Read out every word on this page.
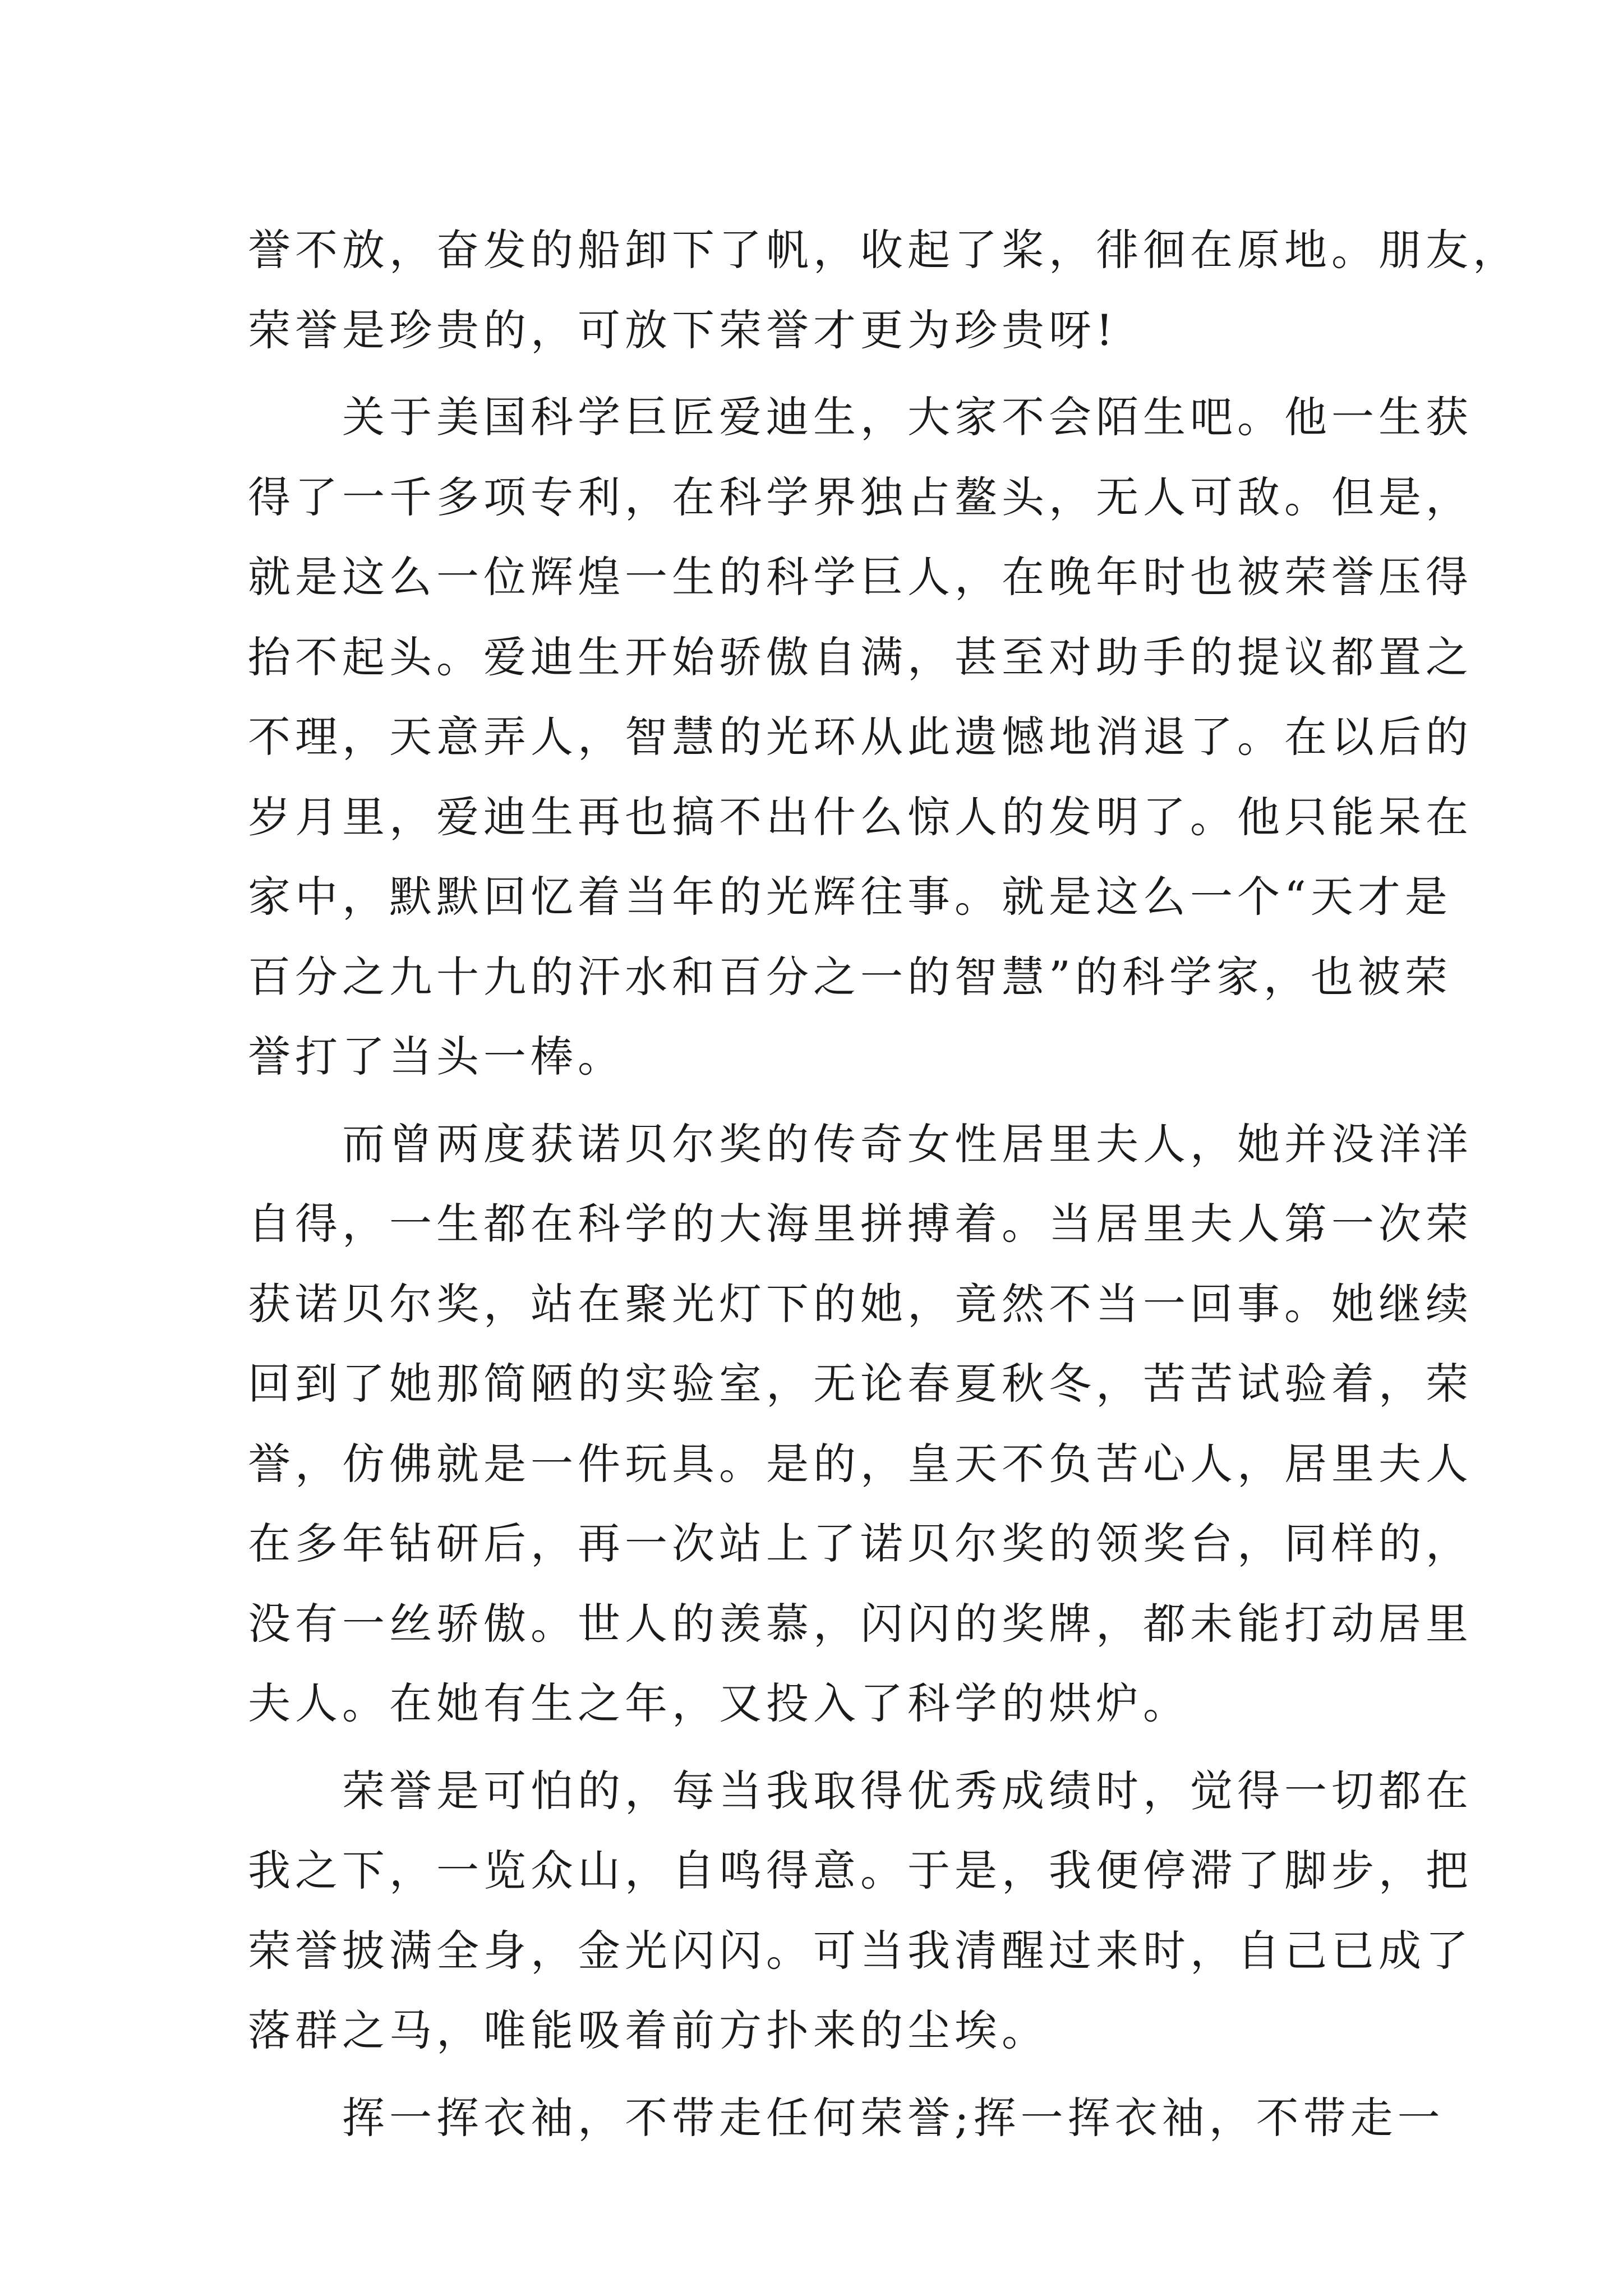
誉不放，奋发的船卸下了帆，收起了桨，徘徊在原地。朋友，
荣誉是珍贵的，可放下荣誉才更为珍贵呀!
　　关于美国科学巨匠爱迪生，大家不会陌生吧。他一生获
得了一千多项专利，在科学界独占鳌头，无人可敌。但是，
就是这么一位辉煌一生的科学巨人，在晚年时也被荣誉压得
抬不起头。爱迪生开始骄傲自满，甚至对助手的提议都置之
不理，天意弄人，智慧的光环从此遗憾地消退了。在以后的
岁月里，爱迪生再也搞不出什么惊人的发明了。他只能呆在
家中，默默回忆着当年的光辉往事。就是这么一个“天才是
百分之九十九的汗水和百分之一的智慧”的科学家，也被荣
誉打了当头一棒。
　　而曾两度获诺贝尔奖的传奇女性居里夫人，她并没洋洋
自得，一生都在科学的大海里拼搏着。当居里夫人第一次荣
获诺贝尔奖，站在聚光灯下的她，竟然不当一回事。她继续
回到了她那简陋的实验室，无论春夏秋冬，苦苦试验着，荣
誉，仿佛就是一件玩具。是的，皇天不负苦心人，居里夫人
在多年钻研后，再一次站上了诺贝尔奖的领奖台，同样的，
没有一丝骄傲。世人的羡慕，闪闪的奖牌，都未能打动居里
夫人。在她有生之年，又投入了科学的烘炉。
　　荣誉是可怕的，每当我取得优秀成绩时，觉得一切都在
我之下，一览众山，自鸣得意。于是，我便停滞了脚步，把
荣誉披满全身，金光闪闪。可当我清醒过来时，自己已成了
落群之马，唯能吸着前方扑来的尘埃。
　　挥一挥衣袖，不带走任何荣誉;挥一挥衣袖，不带走一
